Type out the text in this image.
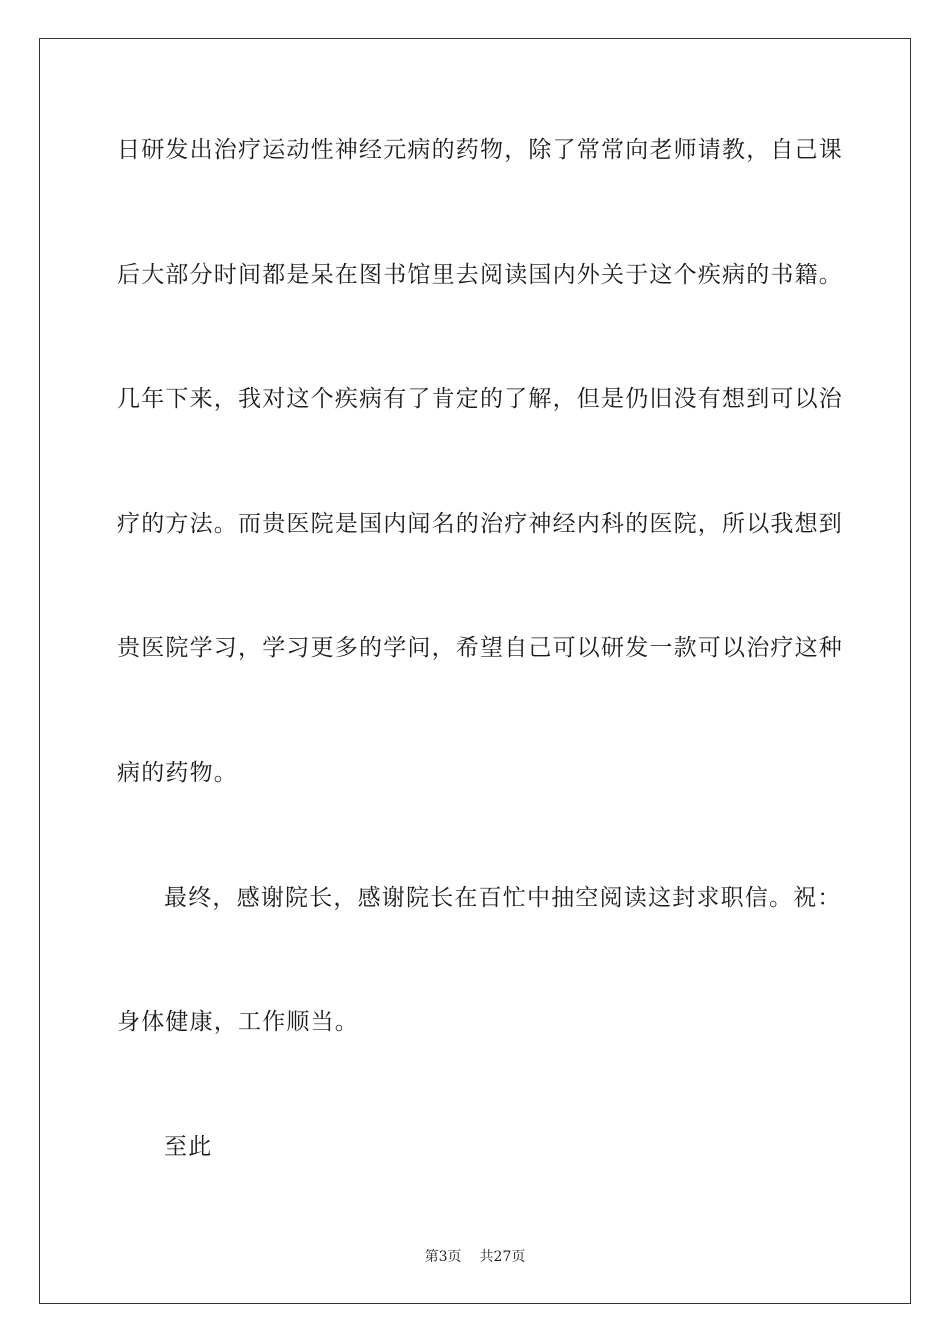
日研发出治疗运动性神经元病的药物，除了常常向老师请教，自己课
后大部分时间都是呆在图书馆里去阅读国内外关于这个疾病的书籍。
几年下来，我对这个疾病有了肯定的了解，但是仍旧没有想到可以治
疗的方法。而贵医院是国内闻名的治疗神经内科的医院，所以我想到
贵医院学习，学习更多的学问，希望自己可以研发一款可以治疗这种
病的药物。
最终，感谢院长，感谢院长在百忙中抽空阅读这封求职信。祝：
身体健康，工作顺当。
至此
第3页 共27页
